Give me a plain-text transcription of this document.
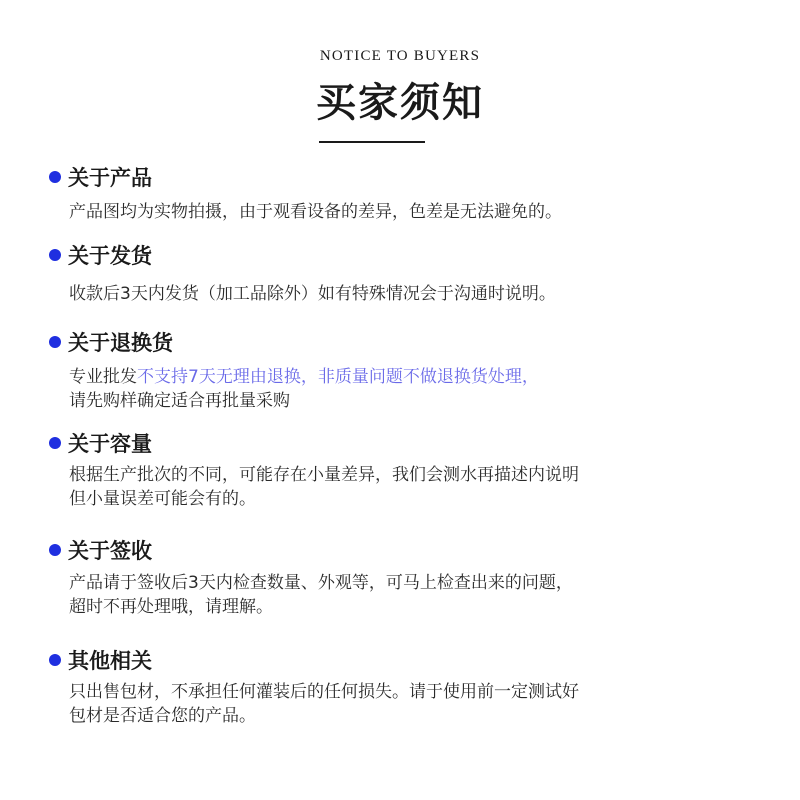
NOTICE TO BUYERS
买家须知
关于产品
产品图均为实物拍摄，由于观看设备的差异，色差是无法避免的。
关于发货
收款后3天内发货（加工品除外）如有特殊情况会于沟通时说明。
关于退换货
专业批发不支持7天无理由退换，非质量问题不做退换货处理，
请先购样确定适合再批量采购
关于容量
根据生产批次的不同，可能存在小量差异，我们会测水再描述内说明
但小量误差可能会有的。
关于签收
产品请于签收后3天内检查数量、外观等，可马上检查出来的问题，
超时不再处理哦，请理解。
其他相关
只出售包材，不承担任何灌装后的任何损失。请于使用前一定测试好
包材是否适合您的产品。
